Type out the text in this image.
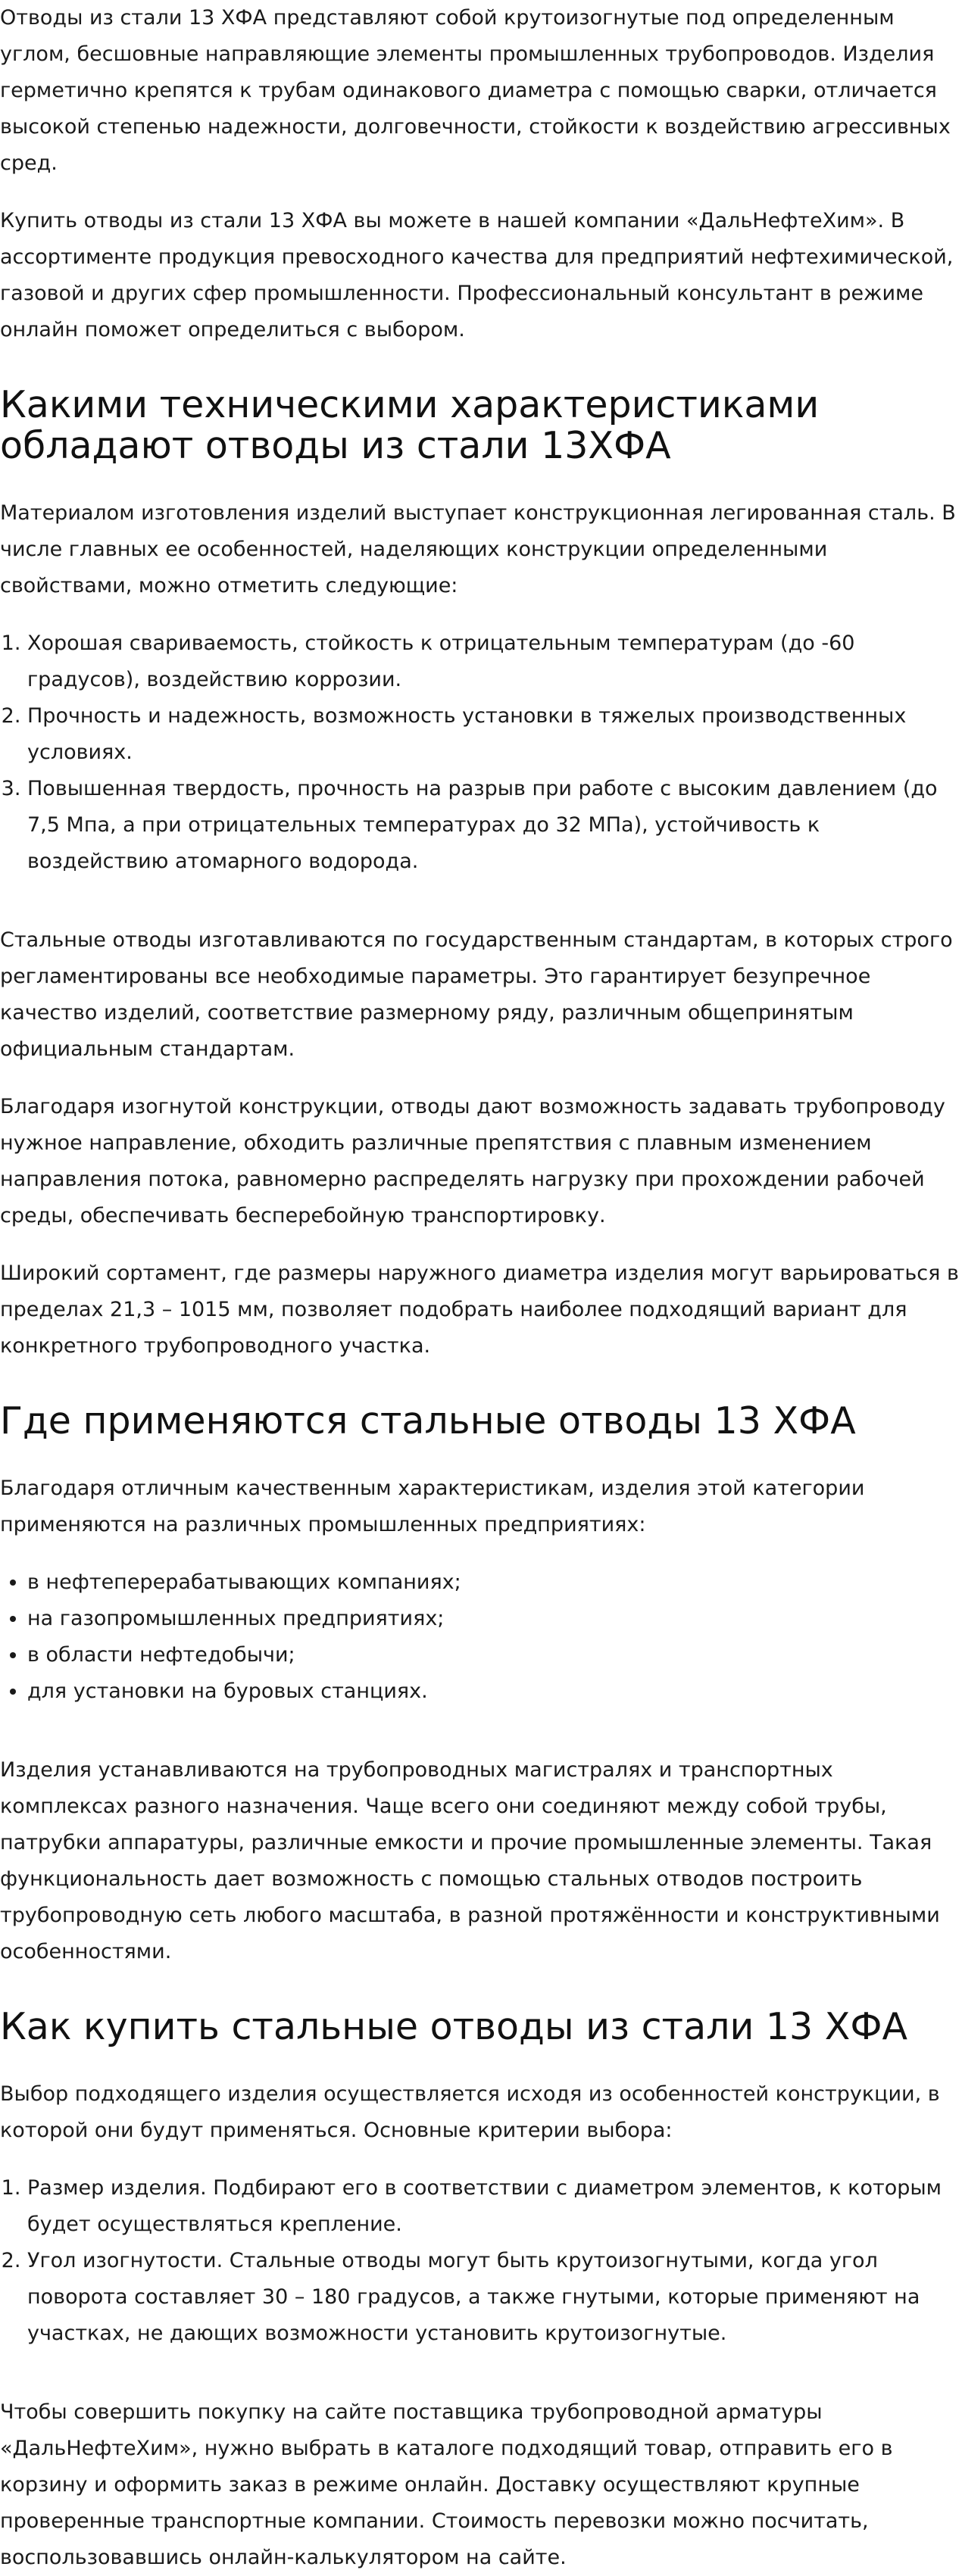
Отводы из стали 13 ХФА представляют собой крутоизогнутые под определенным углом, бесшовные направляющие элементы промышленных трубопроводов. Изделия герметично крепятся к трубам одинакового диаметра с помощью сварки, отличается высокой степенью надежности, долговечности, стойкости к воздействию агрессивных сред.

Купить отводы из стали 13 ХФА вы можете в нашей компании «ДальНефтеХим». В ассортименте продукция превосходного качества для предприятий нефтехимической, газовой и других сфер промышленности. Профессиональный консультант в режиме онлайн поможет определиться с выбором.

Какими техническими характеристиками обладают отводы из стали 13ХФА

Материалом изготовления изделий выступает конструкционная легированная сталь. В числе главных ее особенностей, наделяющих конструкции определенными свойствами, можно отметить следующие:

1. Хорошая свариваемость, стойкость к отрицательным температурам (до -60 градусов), воздействию коррозии.
2. Прочность и надежность, возможность установки в тяжелых производственных условиях.
3. Повышенная твердость, прочность на разрыв при работе с высоким давлением (до 7,5 Мпа, а при отрицательных температурах до 32 МПа), устойчивость к воздействию атомарного водорода.

Стальные отводы изготавливаются по государственным стандартам, в которых строго регламентированы все необходимые параметры. Это гарантирует безупречное качество изделий, соответствие размерному ряду, различным общепринятым официальным стандартам.

Благодаря изогнутой конструкции, отводы дают возможность задавать трубопроводу нужное направление, обходить различные препятствия с плавным изменением направления потока, равномерно распределять нагрузку при прохождении рабочей среды, обеспечивать бесперебойную транспортировку.

Широкий сортамент, где размеры наружного диаметра изделия могут варьироваться в пределах 21,3 – 1015 мм, позволяет подобрать наиболее подходящий вариант для конкретного трубопроводного участка.

Где применяются стальные отводы 13 ХФА

Благодаря отличным качественным характеристикам, изделия этой категории применяются на различных промышленных предприятиях:

• в нефтеперерабатывающих компаниях;
• на газопромышленных предприятиях;
• в области нефтедобычи;
• для установки на буровых станциях.

Изделия устанавливаются на трубопроводных магистралях и транспортных комплексах разного назначения. Чаще всего они соединяют между собой трубы, патрубки аппаратуры, различные емкости и прочие промышленные элементы. Такая функциональность дает возможность с помощью стальных отводов построить трубопроводную сеть любого масштаба, в разной протяжённости и конструктивными особенностями.

Как купить стальные отводы из стали 13 ХФА

Выбор подходящего изделия осуществляется исходя из особенностей конструкции, в которой они будут применяться. Основные критерии выбора:

1. Размер изделия. Подбирают его в соответствии с диаметром элементов, к которым будет осуществляться крепление.
2. Угол изогнутости. Стальные отводы могут быть крутоизогнутыми, когда угол поворота составляет 30 – 180 градусов, а также гнутыми, которые применяют на участках, не дающих возможности установить крутоизогнутые.

Чтобы совершить покупку на сайте поставщика трубопроводной арматуры «ДальНефтеХим», нужно выбрать в каталоге подходящий товар, отправить его в корзину и оформить заказ в режиме онлайн. Доставку осуществляют крупные проверенные транспортные компании. Стоимость перевозки можно посчитать, воспользовавшись онлайн-калькулятором на сайте.
